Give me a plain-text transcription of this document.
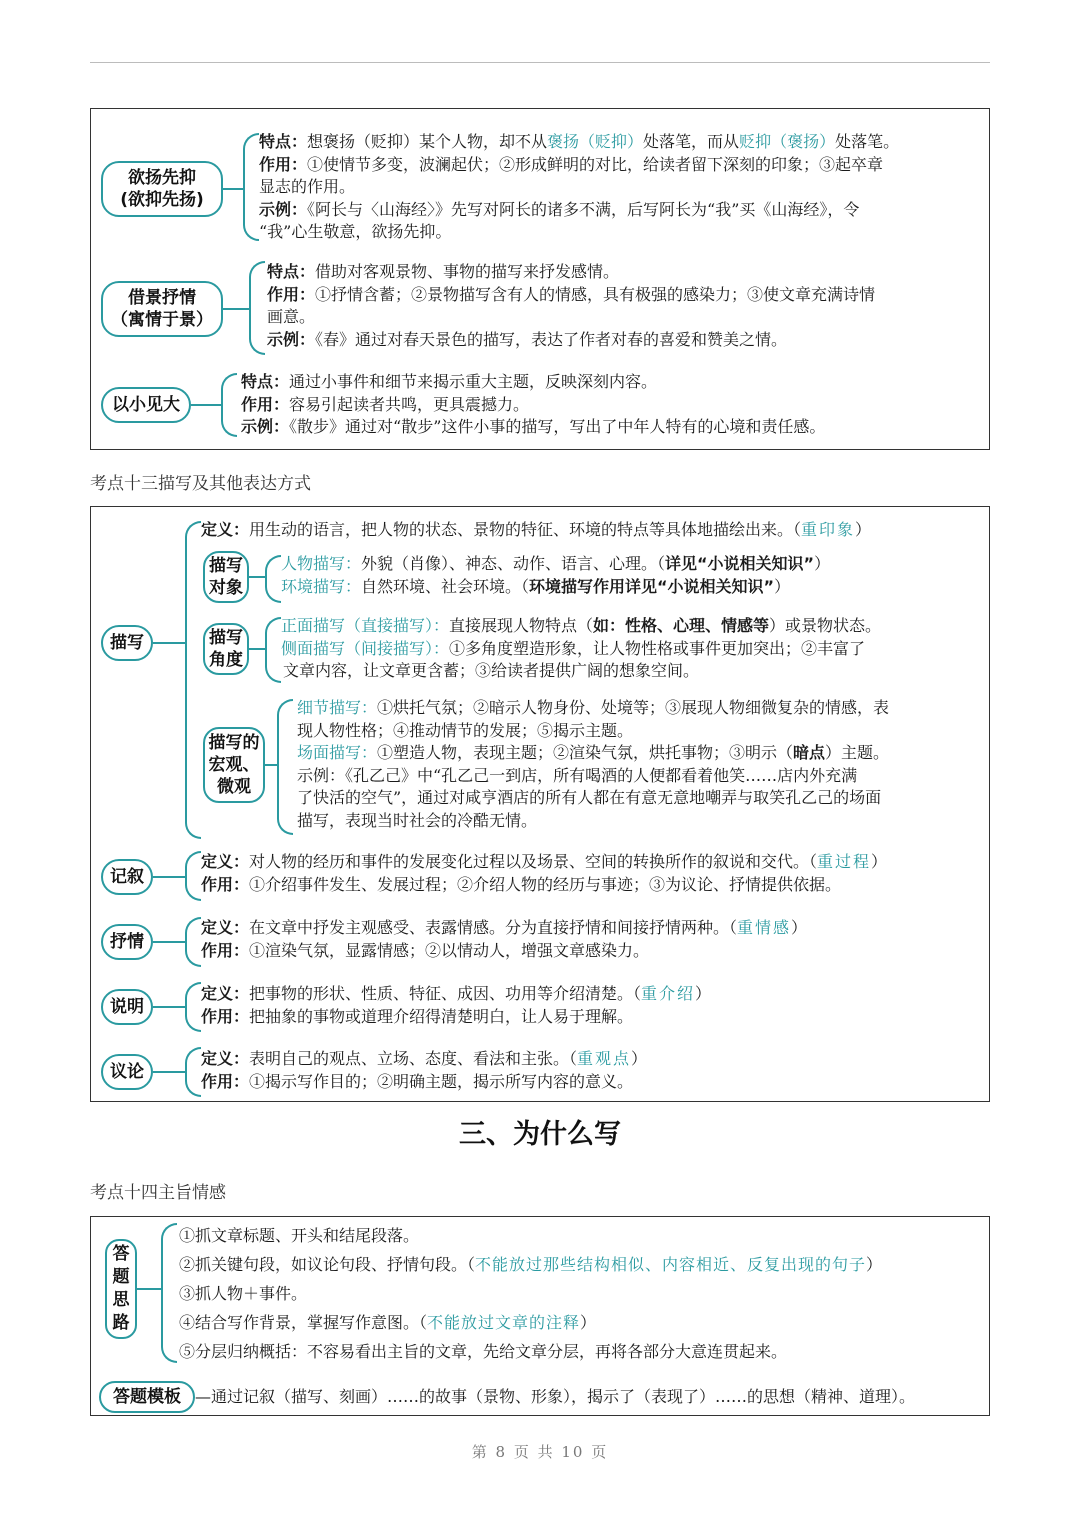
欲扬先抑
(欲抑先扬)

特点：想褒扬（贬抑）某个人物，却不从褒扬（贬抑）处落笔，而从贬抑（褒扬）处落笔。

作用：①使情节多变，波澜起伏；②形成鲜明的对比，给读者留下深刻的印象；③起卒章

显志的作用。

示例：《阿长与〈山海经〉》先写对阿长的诸多不满，后写阿长为“我”买《山海经》，令

“我”心生敬意，欲扬先抑。

借景抒情
（寓情于景）

特点：借助对客观景物、事物的描写来抒发感情。

作用：①抒情含蓄；②景物描写含有人的情感，具有极强的感染力；③使文章充满诗情

画意。

示例：《春》通过对春天景色的描写，表达了作者对春的喜爱和赞美之情。

以小见大

特点：通过小事件和细节来揭示重大主题，反映深刻内容。

作用：容易引起读者共鸣，更具震撼力。

示例：《散步》通过对“散步”这件小事的描写，写出了中年人特有的心境和责任感。

考点十三描写及其他表达方式
描写

定义：用生动的语言，把人物的状态、景物的特征、环境的特点等具体地描绘出来。（重印象）

描写
对象

人物描写：外貌（肖像）、神态、动作、语言、心理。（详见“小说相关知识”）

环境描写：自然环境、社会环境。（环境描写作用详见“小说相关知识”）

描写
角度

正面描写（直接描写）：直接展现人物特点（如：性格、心理、情感等）或景物状态。

侧面描写（间接描写）：①多角度塑造形象，让人物性格或事件更加突出；②丰富了

文章内容，让文章更含蓄；③给读者提供广阔的想象空间。

描写的
宏观、
微观

细节描写：①烘托气氛；②暗示人物身份、处境等；③展现人物细微复杂的情感，表

现人物性格；④推动情节的发展；⑤揭示主题。

场面描写：①塑造人物，表现主题；②渲染气氛，烘托事物；③明示（暗点）主题。

示例：《孔乙己》中“孔乙己一到店，所有喝酒的人便都看着他笑……店内外充满

了快活的空气”，通过对咸亨酒店的所有人都在有意无意地嘲弄与取笑孔乙己的场面

描写，表现当时社会的冷酷无情。

记叙

定义：对人物的经历和事件的发展变化过程以及场景、空间的转换所作的叙说和交代。（重过程）

作用：①介绍事件发生、发展过程；②介绍人物的经历与事迹；③为议论、抒情提供依据。

抒情

定义：在文章中抒发主观感受、表露情感。分为直接抒情和间接抒情两种。（重情感）

作用：①渲染气氛，显露情感；②以情动人，增强文章感染力。

说明

定义：把事物的形状、性质、特征、成因、功用等介绍清楚。（重介绍）

作用：把抽象的事物或道理介绍得清楚明白，让人易于理解。

议论

定义：表明自己的观点、立场、态度、看法和主张。（重观点）

作用：①揭示写作目的；②明确主题，揭示所写内容的意义。

三、为什么写
考点十四主旨情感
答
题
思
路

①抓文章标题、开头和结尾段落。

②抓关键句段，如议论句段、抒情句段。（不能放过那些结构相似、内容相近、反复出现的句子）

③抓人物＋事件。

④结合写作背景，掌握写作意图。（不能放过文章的注释）

⑤分层归纳概括：不容易看出主旨的文章，先给文章分层，再将各部分大意连贯起来。

答题模板 —通过记叙（描写、刻画）……的故事（景物、形象），揭示了（表现了）……的思想（精神、道理）。

第 8 页 共 10 页
